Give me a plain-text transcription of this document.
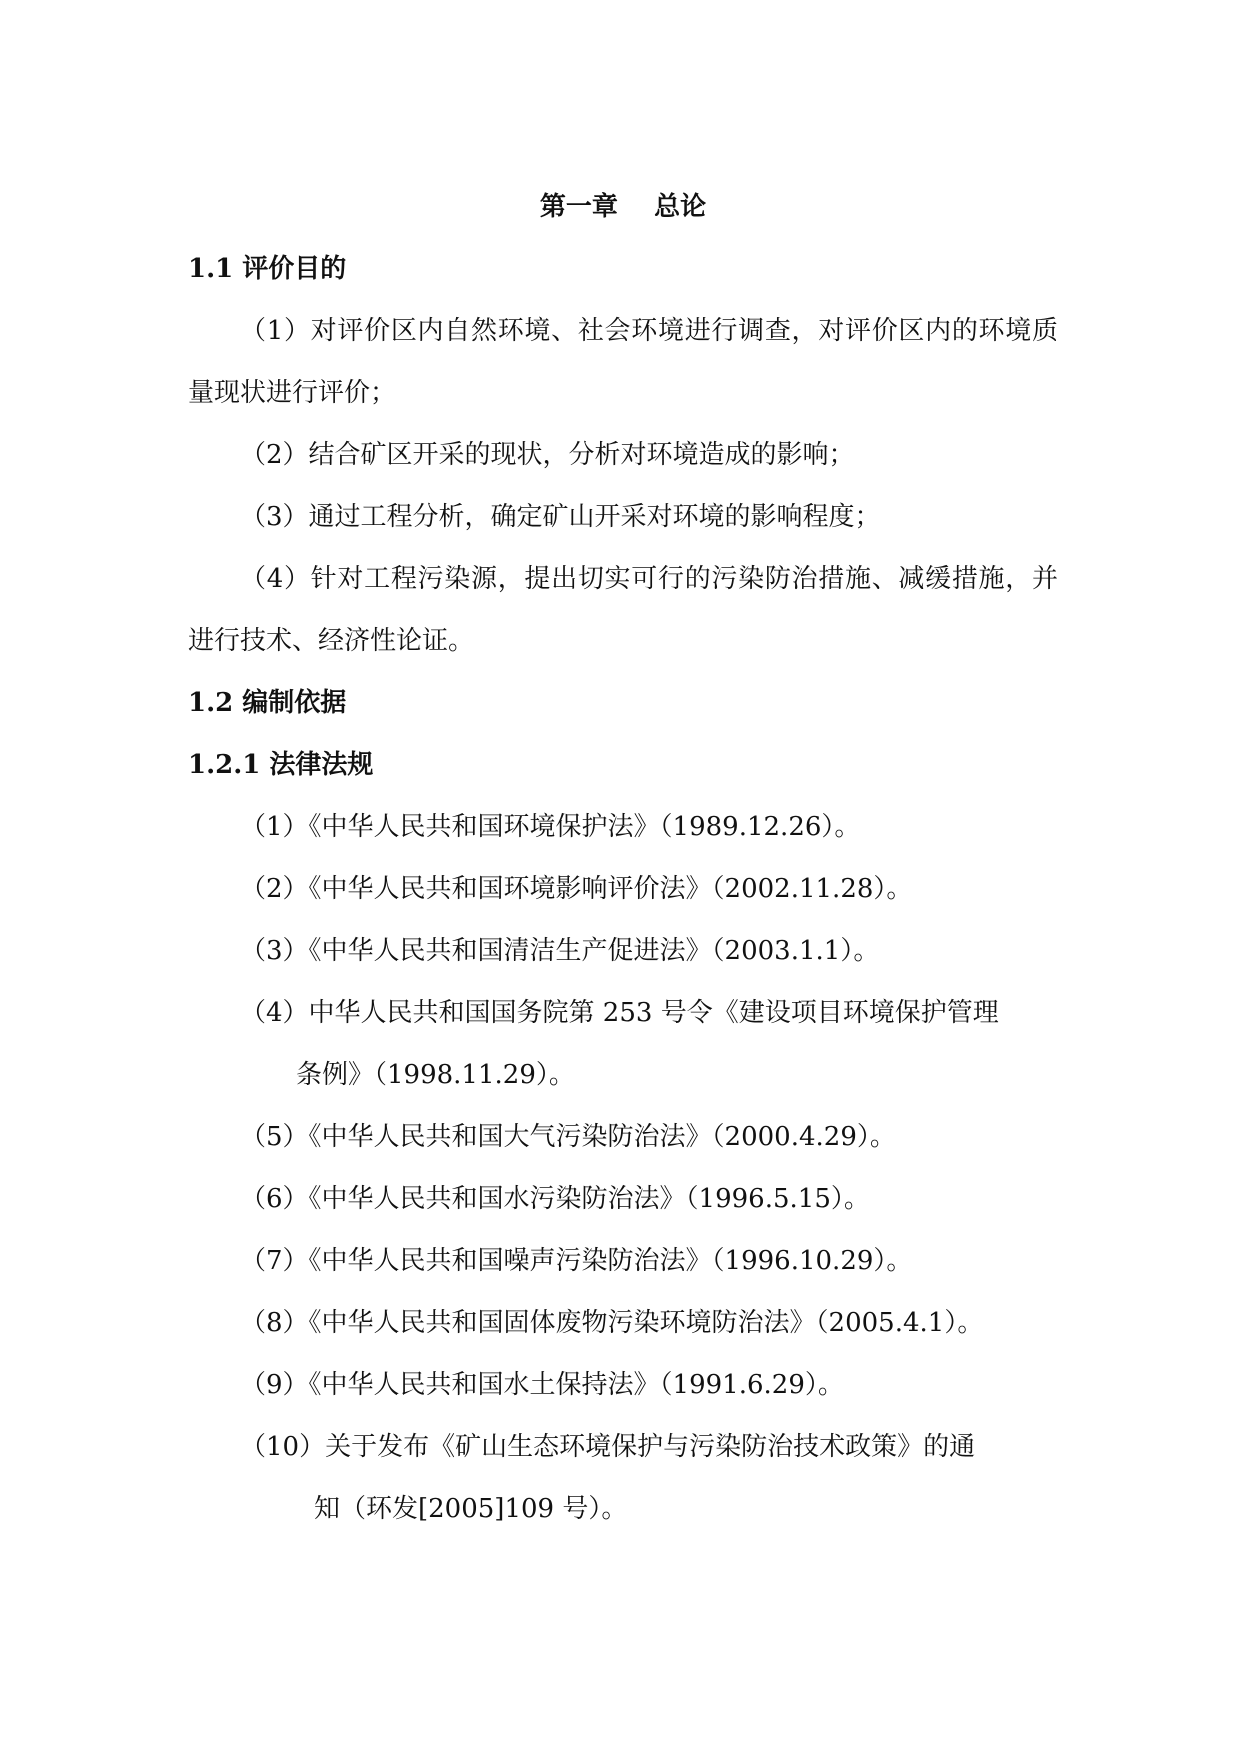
第一章    总论
1.1 评价目的

（1）对评价区内自然环境、社会环境进行调查，对评价区内的环境质量现状进行评价；

（2）结合矿区开采的现状，分析对环境造成的影响；

（3）通过工程分析，确定矿山开采对环境的影响程度；

（4）针对工程污染源，提出切实可行的污染防治措施、减缓措施，并进行技术、经济性论证。

1.2 编制依据
1.2.1 法律法规
（1）《中华人民共和国环境保护法》（1989.12.26）。
（2）《中华人民共和国环境影响评价法》（2002.11.28）。
（3）《中华人民共和国清洁生产促进法》（2003.1.1）。
（4）中华人民共和国国务院第 253 号令《建设项目环境保护管理
条例》（1998.11.29）。
（5）《中华人民共和国大气污染防治法》（2000.4.29）。
（6）《中华人民共和国水污染防治法》（1996.5.15）。
（7）《中华人民共和国噪声污染防治法》（1996.10.29）。
（8）《中华人民共和国固体废物污染环境防治法》（2005.4.1）。
（9）《中华人民共和国水土保持法》（1991.6.29）。
（10）关于发布《矿山生态环境保护与污染防治技术政策》的通
知（环发[2005]109 号）。
